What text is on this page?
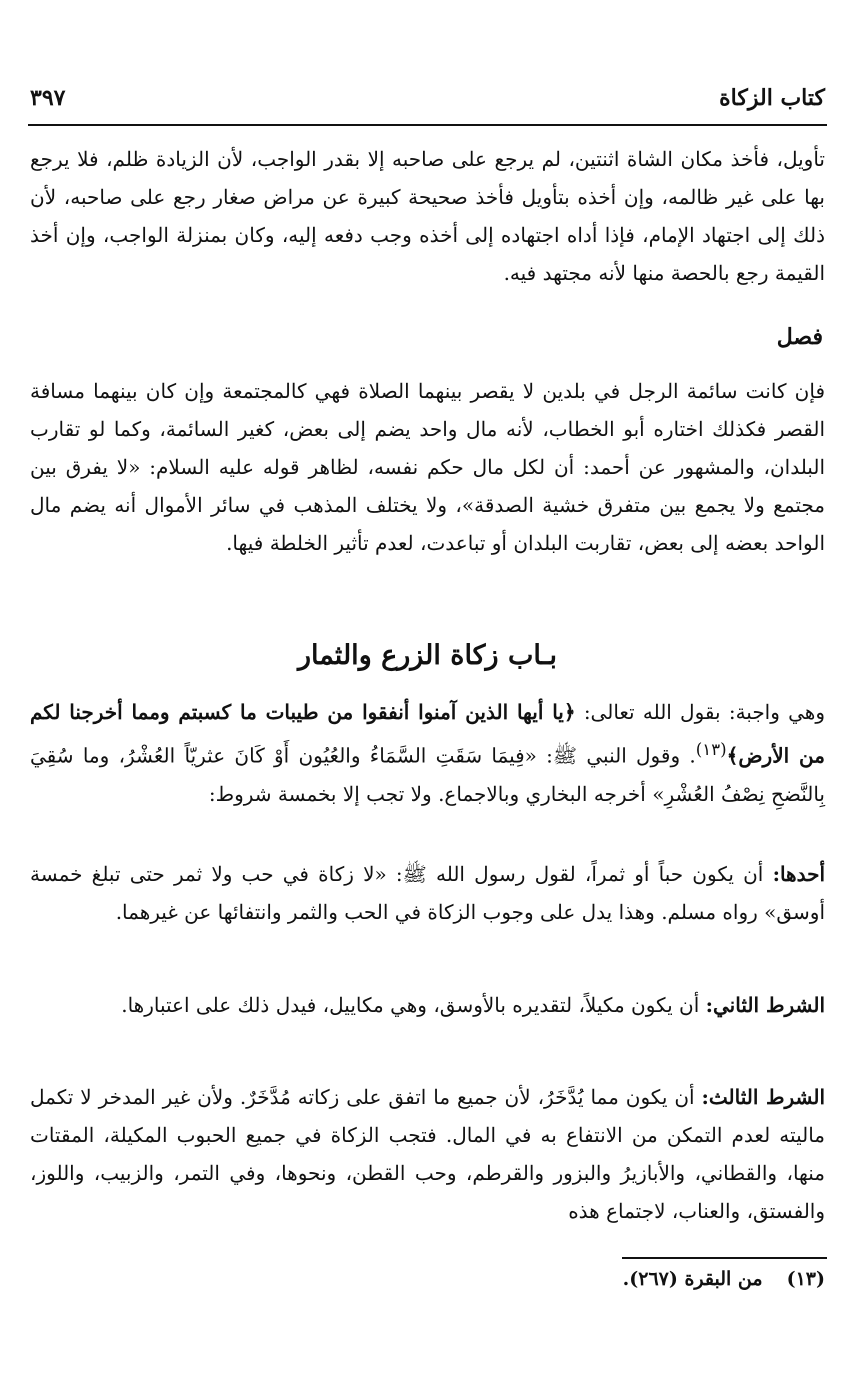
كتاب الزكاة
٣٩٧

تأويل، فأخذ مكان الشاة اثنتين، لم يرجع على صاحبه إلا بقدر الواجب، لأن الزيادة ظلم، فلا يرجع بها على غير ظالمه، وإن أخذه بتأويل فأخذ صحيحة كبيرة عن مراض صغار رجع على صاحبه، لأن ذلك إلى اجتهاد الإمام، فإذا أداه اجتهاده إلى أخذه وجب دفعه إليه، وكان بمنزلة الواجب، وإن أخذ القيمة رجع بالحصة منها لأنه مجتهد فيه.

فصل

فإن كانت سائمة الرجل في بلدين لا يقصر بينهما الصلاة فهي كالمجتمعة وإن كان بينهما مسافة القصر فكذلك اختاره أبو الخطاب، لأنه مال واحد يضم إلى بعض، كغير السائمة، وكما لو تقارب البلدان، والمشهور عن أحمد: أن لكل مال حكم نفسه، لظاهر قوله عليه السلام: «لا يفرق بين مجتمع ولا يجمع بين متفرق خشية الصدقة»، ولا يختلف المذهب في سائر الأموال أنه يضم مال الواحد بعضه إلى بعض، تقاربت البلدان أو تباعدت، لعدم تأثير الخلطة فيها.

بـاب زكاة الزرع والثمار

وهي واجبة: بقول الله تعالى: ﴿يا أيها الذين آمنوا أنفقوا من طيبات ما كسبتم ومما أخرجنا لكم من الأرض﴾$^{(١٣)}$. وقول النبي ﷺ: «فِيمَا سَقَتِ السَّمَاءُ والعُيُون أَوْ كَانَ عثريّاً العُشْرُ، وما سُقِيَ بِالنَّضحِ نِصْفُ العُشْرِ» أخرجه البخاري وبالاجماع. ولا تجب إلا بخمسة شروط:

أحدها: أن يكون حباً أو ثمراً، لقول رسول الله ﷺ: «لا زكاة في حب ولا ثمر حتى تبلغ خمسة أوسق» رواه مسلم. وهذا يدل على وجوب الزكاة في الحب والثمر وانتفائها عن غيرهما.

الشرط الثاني: أن يكون مكيلاً، لتقديره بالأوسق، وهي مكاييل، فيدل ذلك على اعتبارها.

الشرط الثالث: أن يكون مما يُدَّخَرُ، لأن جميع ما اتفق على زكاته مُدَّخَرٌ. ولأن غير المدخر لا تكمل ماليته لعدم التمكن من الانتفاع به في المال. فتجب الزكاة في جميع الحبوب المكيلة، المقتات منها، والقطاني، والأبازيرُ والبزور والقرطم، وحب القطن، ونحوها، وفي التمر، والزبيب، واللوز، والفستق، والعناب، لاجتماع هذه

(١٣)من البقرة (٢٦٧).
